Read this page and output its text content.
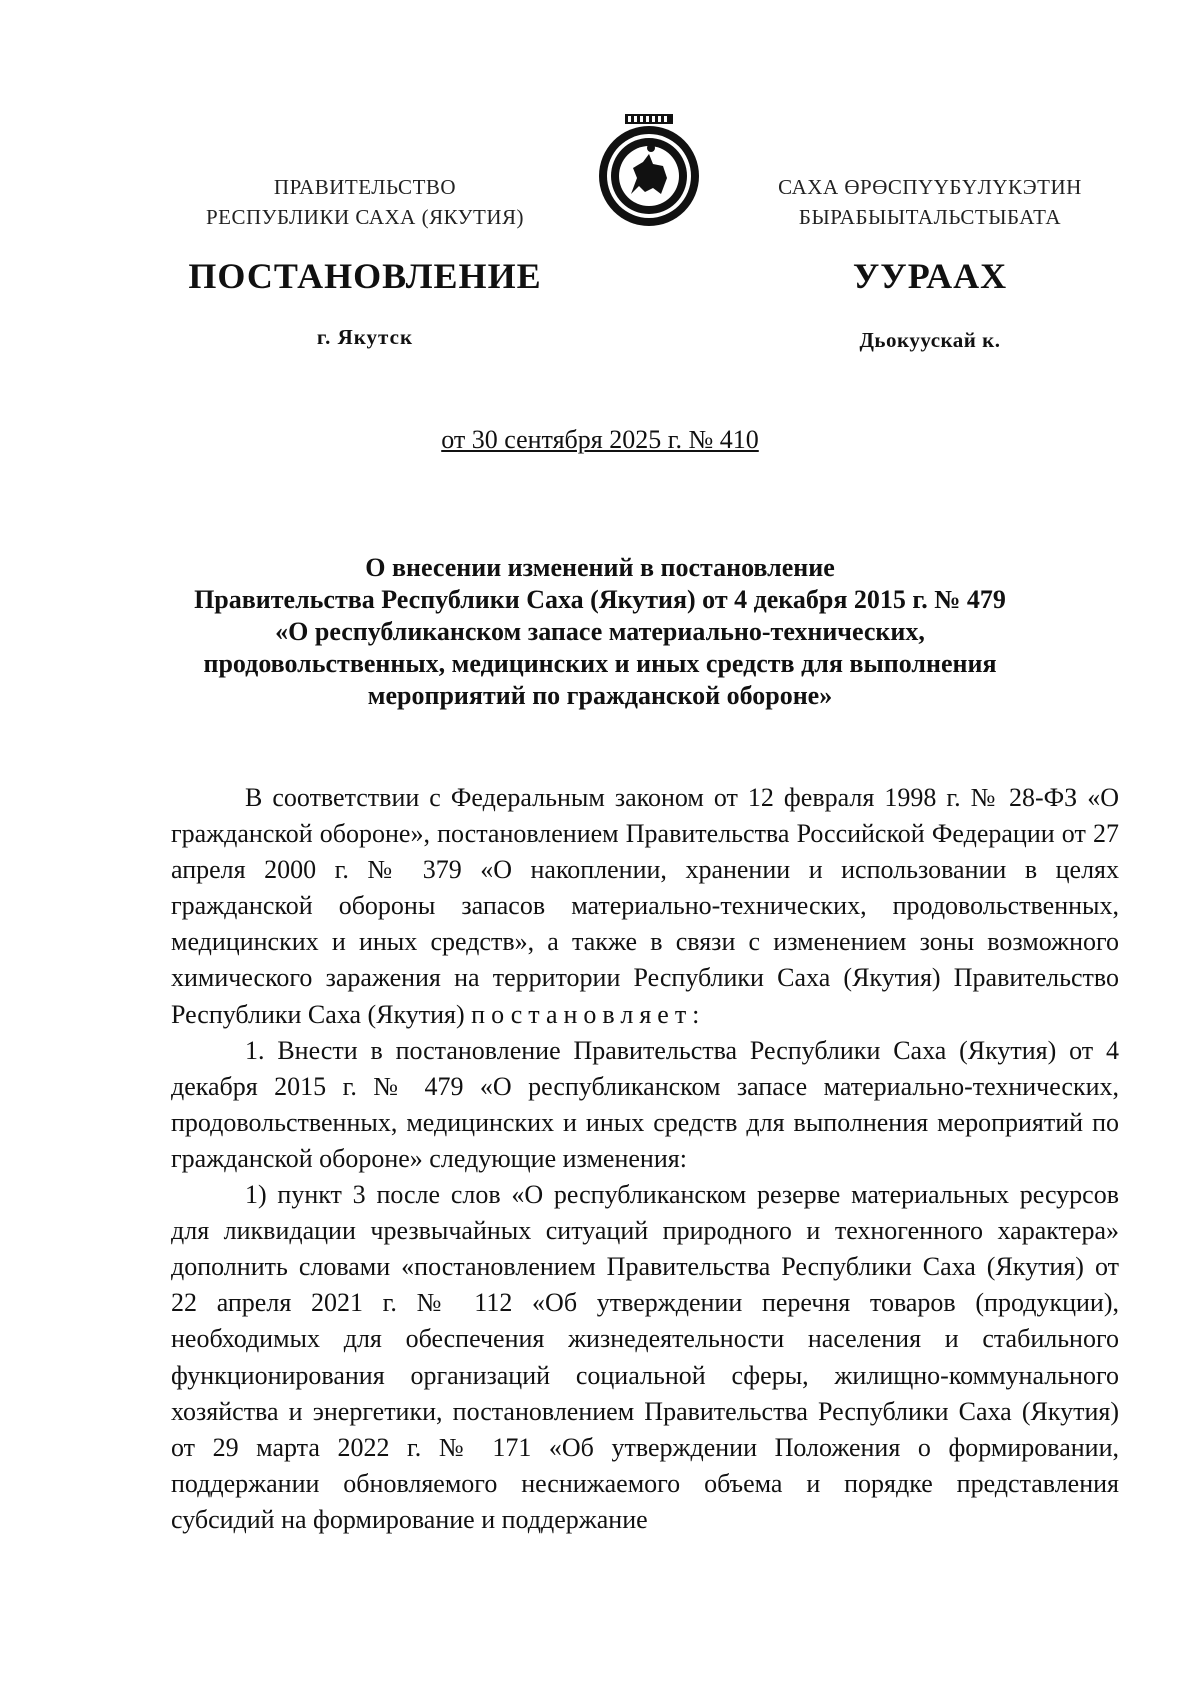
ПРАВИТЕЛЬСТВО
РЕСПУБЛИКИ САХА (ЯКУТИЯ)
САХА ӨРӨСПҮҮБҮЛҮКЭТИН
БЫРАБЫЫТАЛЬСТЫБАТА
ПОСТАНОВЛЕНИЕ	УУРААХ
г. Якутск	Дьокуускай к.
от 30 сентября 2025 г. № 410
О внесении изменений в постановление
Правительства Республики Саха (Якутия) от 4 декабря 2015 г. № 479
«О республиканском запасе материально-технических,
продовольственных, медицинских и иных средств для выполнения
мероприятий по гражданской обороне»

В соответствии с Федеральным законом от 12 февраля 1998 г. № 28-ФЗ «О гражданской обороне», постановлением Правительства Российской Федерации от 27 апреля 2000 г. № 379 «О накоплении, хранении и использовании в целях гражданской обороны запасов материально-технических, продовольственных, медицинских и иных средств», а также в связи с изменением зоны возможного химического заражения на территории Республики Саха (Якутия) Правительство Республики Саха (Якутия) постановляет:

1. Внести в постановление Правительства Республики Саха (Якутия) от 4 декабря 2015 г. № 479 «О республиканском запасе материально-технических, продовольственных, медицинских и иных средств для выполнения мероприятий по гражданской обороне» следующие изменения:

1) пункт 3 после слов «О республиканском резерве материальных ресурсов для ликвидации чрезвычайных ситуаций природного и техногенного характера» дополнить словами «постановлением Правительства Республики Саха (Якутия) от 22 апреля 2021 г. № 112 «Об утверждении перечня товаров (продукции), необходимых для обеспечения жизнедеятельности населения и стабильного функционирования организаций социальной сферы, жилищно-коммунального хозяйства и энергетики, постановлением Правительства Республики Саха (Якутия) от 29 марта 2022 г. № 171 «Об утверждении Положения о формировании, поддержании обновляемого неснижаемого объема и порядке представления субсидий на формирование и поддержание
